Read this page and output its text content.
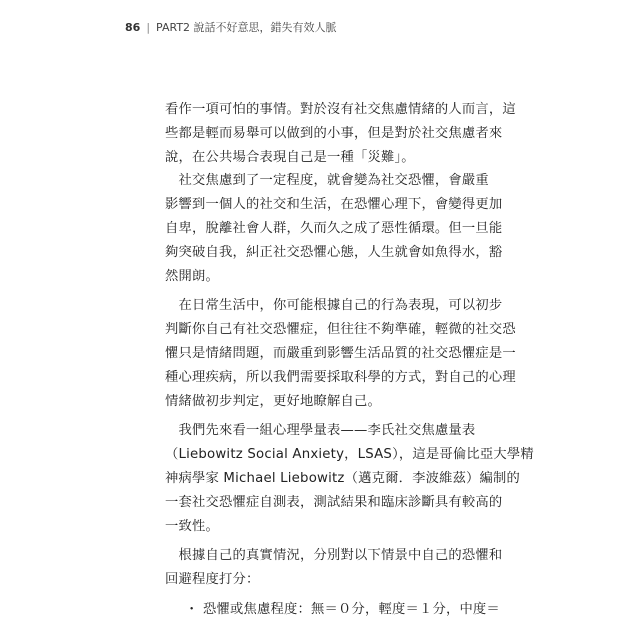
86 | PART2 說話不好意思，錯失有效人脈
看作一項可怕的事情。對於沒有社交焦慮情緒的人而言，這
些都是輕而易舉可以做到的小事，但是對於社交焦慮者來
說，在公共場合表現自己是一種「災難」。
　社交焦慮到了一定程度，就會變為社交恐懼，會嚴重
影響到一個人的社交和生活，在恐懼心理下，會變得更加
自卑，脫離社會人群，久而久之成了惡性循環。但一旦能
夠突破自我，糾正社交恐懼心態，人生就會如魚得水，豁
然開朗。
　在日常生活中，你可能根據自己的行為表現，可以初步
判斷你自己有社交恐懼症，但往往不夠準確，輕微的社交恐
懼只是情緒問題，而嚴重到影響生活品質的社交恐懼症是一
種心理疾病，所以我們需要採取科學的方式，對自己的心理
情緒做初步判定，更好地瞭解自己。
　我們先來看一組心理學量表——李氏社交焦慮量表
（Liebowitz Social Anxiety，LSAS），這是哥倫比亞大學精
神病學家 Michael Liebowitz（邁克爾．李波維茲）編制的
一套社交恐懼症自測表，測試結果和臨床診斷具有較高的
一致性。
　根據自己的真實情況，分別對以下情景中自己的恐懼和
回避程度打分：
・ 恐懼或焦慮程度：無＝０分，輕度＝１分，中度＝
